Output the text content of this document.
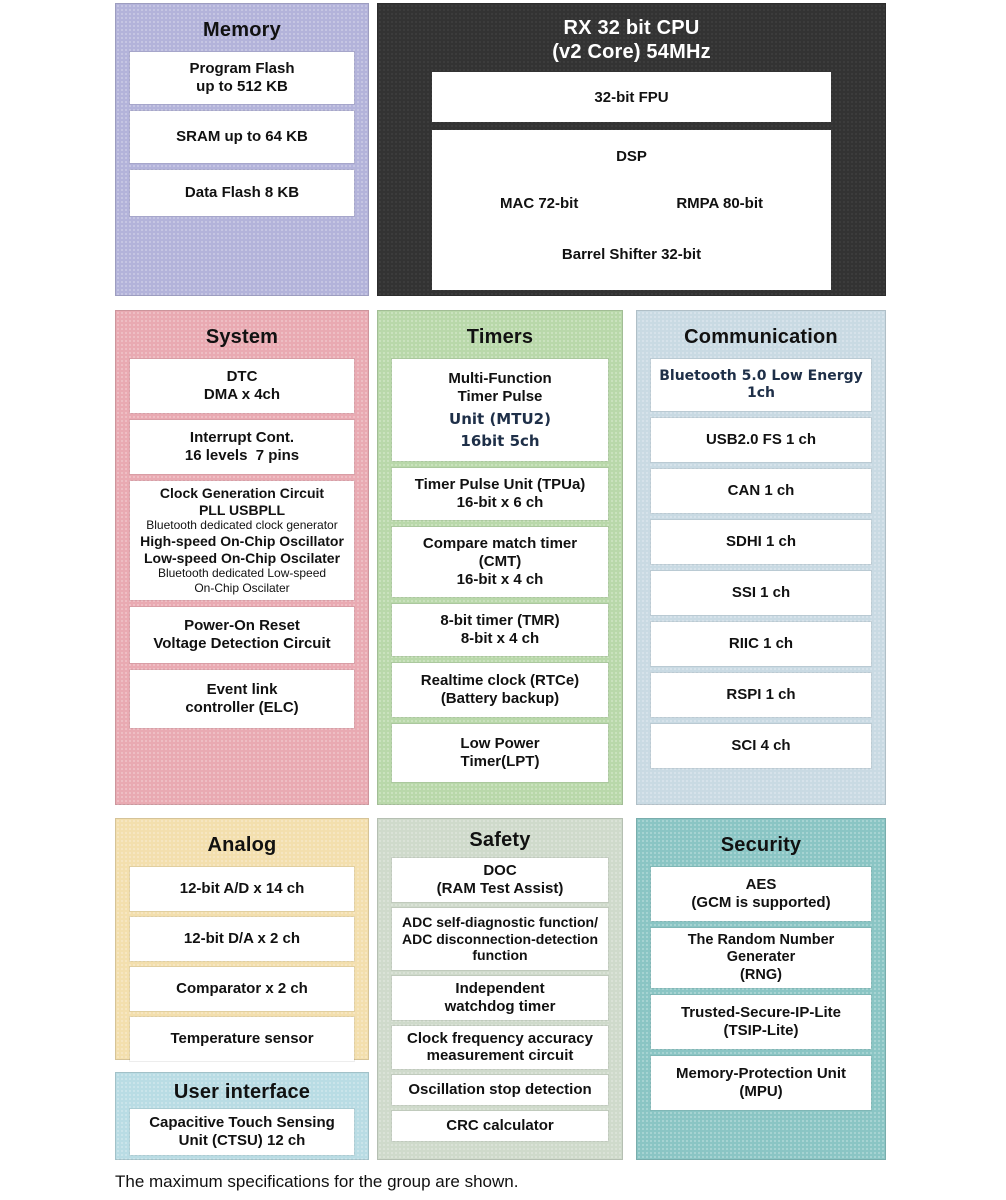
Memory
Program Flash
up to 512 KB
SRAM up to 64 KB
Data Flash 8 KB
RX 32 bit CPU
(v2 Core) 54MHz
32-bit FPU
DSP
MAC 72-bit	RMPA 80-bit
Barrel Shifter 32-bit
System
DTC
DMA x 4ch
Interrupt Cont.
16 levels  7 pins
Clock Generation Circuit
PLL USBPLL
Bluetooth dedicated clock generator
High-speed On-Chip Oscillator
Low-speed On-Chip Oscilater
Bluetooth dedicated Low-speed
On-Chip Oscilater
Power-On Reset
Voltage Detection Circuit
Event link
controller (ELC)
Timers
Multi-Function
Timer Pulse
Unit (MTU2)
16bit 5ch
Timer Pulse Unit (TPUa)
16-bit x 6 ch
Compare match timer
(CMT)
16-bit x 4 ch
8-bit timer (TMR)
8-bit x 4 ch
Realtime clock (RTCe)
(Battery backup)
Low Power
Timer(LPT)
Communication
Bluetooth 5.0 Low Energy
1ch
USB2.0 FS 1 ch
CAN 1 ch
SDHI 1 ch
SSI 1 ch
RIIC 1 ch
RSPI 1 ch
SCI 4 ch
Analog
12-bit A/D x 14 ch
12-bit D/A x 2 ch
Comparator x 2 ch
Temperature sensor
User interface
Capacitive Touch Sensing
Unit (CTSU) 12 ch
Safety
DOC
(RAM Test Assist)
ADC self-diagnostic function/
ADC disconnection-detection
function
Independent
watchdog timer
Clock frequency accuracy
measurement circuit
Oscillation stop detection
CRC calculator
Security
AES
(GCM is supported)
The Random Number Generater
(RNG)
Trusted-Secure-IP-Lite
(TSIP-Lite)
Memory-Protection Unit
(MPU)
The maximum specifications for the group are shown.
